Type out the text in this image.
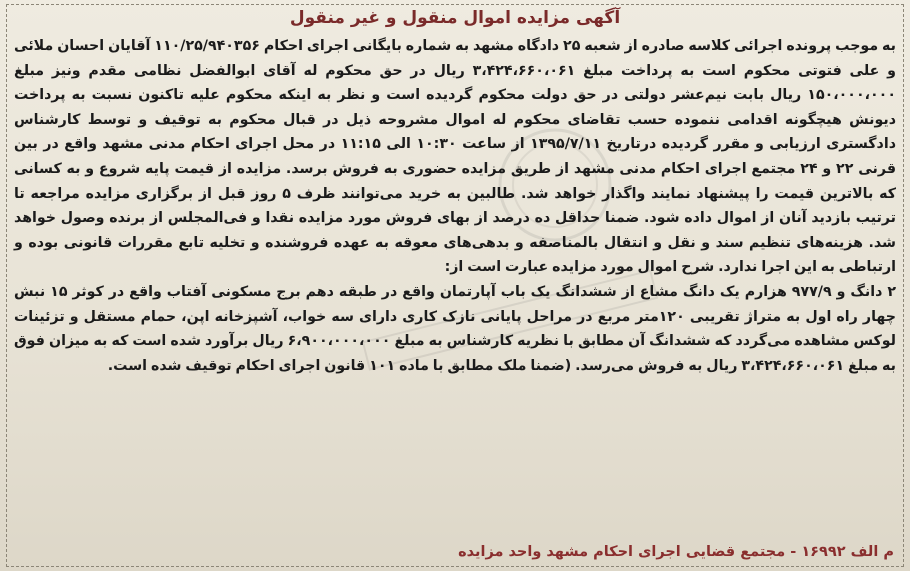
آگهی مزایده اموال منقول و غیر منقول

به موجب پرونده اجرائی کلاسه صادره از شعبه ۲۵ دادگاه مشهد به شماره بایگانی اجرای احکام ۱۱۰/۲۵/۹۴۰۳۵۶ آقایان احسان ملائی و علی فتوتی محکوم است به پرداخت مبلغ ۳،۴۲۴،۶۶۰،۰۶۱ ریال در حق محکوم له آقای ابوالفضل نظامی مقدم ونیز مبلغ ۱۵۰،۰۰۰،۰۰۰ ریال بابت نیم‌عشر دولتی در حق دولت محکوم گردیده است و نظر به اینکه محکوم علیه تاکنون نسبت به پرداخت دیونش هیچگونه اقدامی ننموده حسب تقاضای محکوم له اموال مشروحه ذیل در قبال محکوم به توقیف و توسط کارشناس دادگستری ارزیابی و مقرر گردیده درتاریخ ۱۳۹۵/۷/۱۱ از ساعت ۱۰:۳۰ الی ۱۱:۱۵ در محل اجرای احکام مدنی مشهد واقع در بین قرنی ۲۲ و ۲۴ مجتمع اجرای احکام مدنی مشهد از طریق مزایده حضوری به فروش برسد. مزایده از قیمت پایه شروع و به کسانی که بالاترین قیمت را پیشنهاد نمایند واگذار خواهد شد. طالبین به خرید می‌توانند ظرف ۵ روز قبل از برگزاری مزایده مراجعه تا ترتیب بازدید آنان از اموال داده شود. ضمنا حداقل ده درصد از بهای فروش مورد مزایده نقدا و فی‌المجلس از برنده وصول خواهد شد. هزینه‌های تنظیم سند و نقل و انتقال بالمناصفه و بدهی‌های معوقه به عهده فروشنده و تخلیه تابع مقررات قانونی بوده و ارتباطی به این اجرا ندارد. شرح اموال مورد مزایده عبارت است از:

۲ دانگ و ۹۷۷/۹ هزارم یک دانگ مشاع از ششدانگ یک باب آپارتمان واقع در طبقه دهم برج مسکونی آفتاب واقع در کوثر ۱۵ نبش چهار راه اول به متراژ تقریبی ۱۲۰متر مربع در مراحل پایانی نازک کاری دارای سه خواب، آشپزخانه اپن، حمام مستقل و تزئینات لوکس مشاهده می‌گردد که ششدانگ آن مطابق با نظریه کارشناس به مبلغ ۶،۹۰۰،۰۰۰،۰۰۰ ریال برآورد شده است که به میزان فوق به مبلغ ۳،۴۲۴،۶۶۰،۰۶۱ ریال به فروش می‌رسد. (ضمنا ملک مطابق با ماده ۱۰۱ قانون اجرای احکام توقیف شده است.

م الف ۱۶۹۹۲ - مجتمع قضایی اجرای احکام مشهد واحد مزایده
